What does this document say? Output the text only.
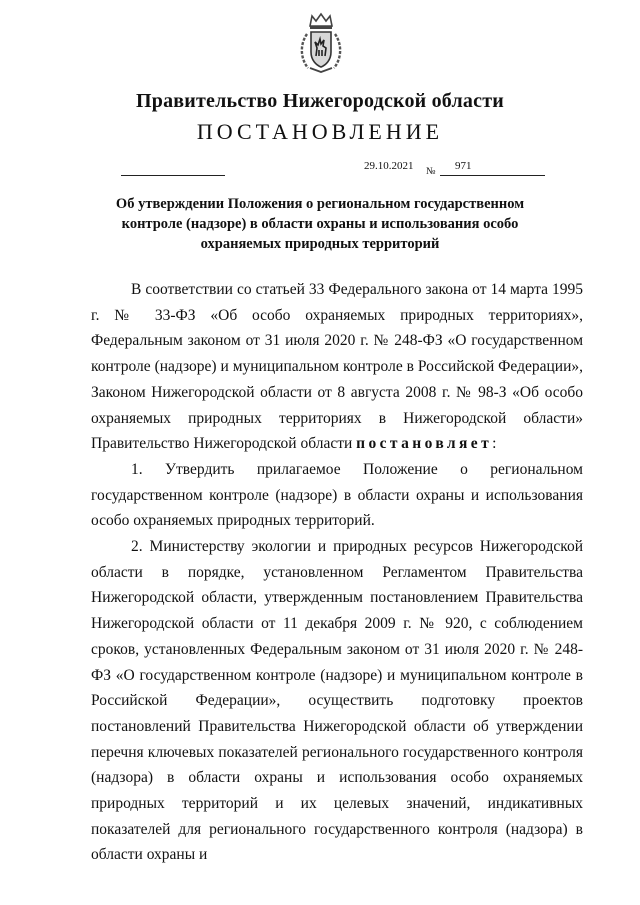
Правительство Нижегородской области
ПОСТАНОВЛЕНИЕ
29.10.2021 № 971
Об утверждении Положения о региональном государственном контроле (надзоре) в области охраны и использования особо охраняемых природных территорий

В соответствии со статьей 33 Федерального закона от 14 марта 1995 г. № 33-ФЗ «Об особо охраняемых природных территориях», Федеральным законом от 31 июля 2020 г. № 248-ФЗ «О государственном контроле (надзоре) и муниципальном контроле в Российской Федерации», Законом Нижегородской области от 8 августа 2008 г. № 98-З «Об особо охраняемых природных территориях в Нижегородской области» Правительство Нижегородской области постановляет:

1. Утвердить прилагаемое Положение о региональном государственном контроле (надзоре) в области охраны и использования особо охраняемых природных территорий.

2. Министерству экологии и природных ресурсов Нижегородской области в порядке, установленном Регламентом Правительства Нижегородской области, утвержденным постановлением Правительства Нижегородской области от 11 декабря 2009 г. № 920, с соблюдением сроков, установленных Федеральным законом от 31 июля 2020 г. № 248-ФЗ «О государственном контроле (надзоре) и муниципальном контроле в Российской Федерации», осуществить подготовку проектов постановлений Правительства Нижегородской области об утверждении перечня ключевых показателей регионального государственного контроля (надзора) в области охраны и использования особо охраняемых природных территорий и их целевых значений, индикативных показателей для регионального государственного контроля (надзора) в области охраны и
